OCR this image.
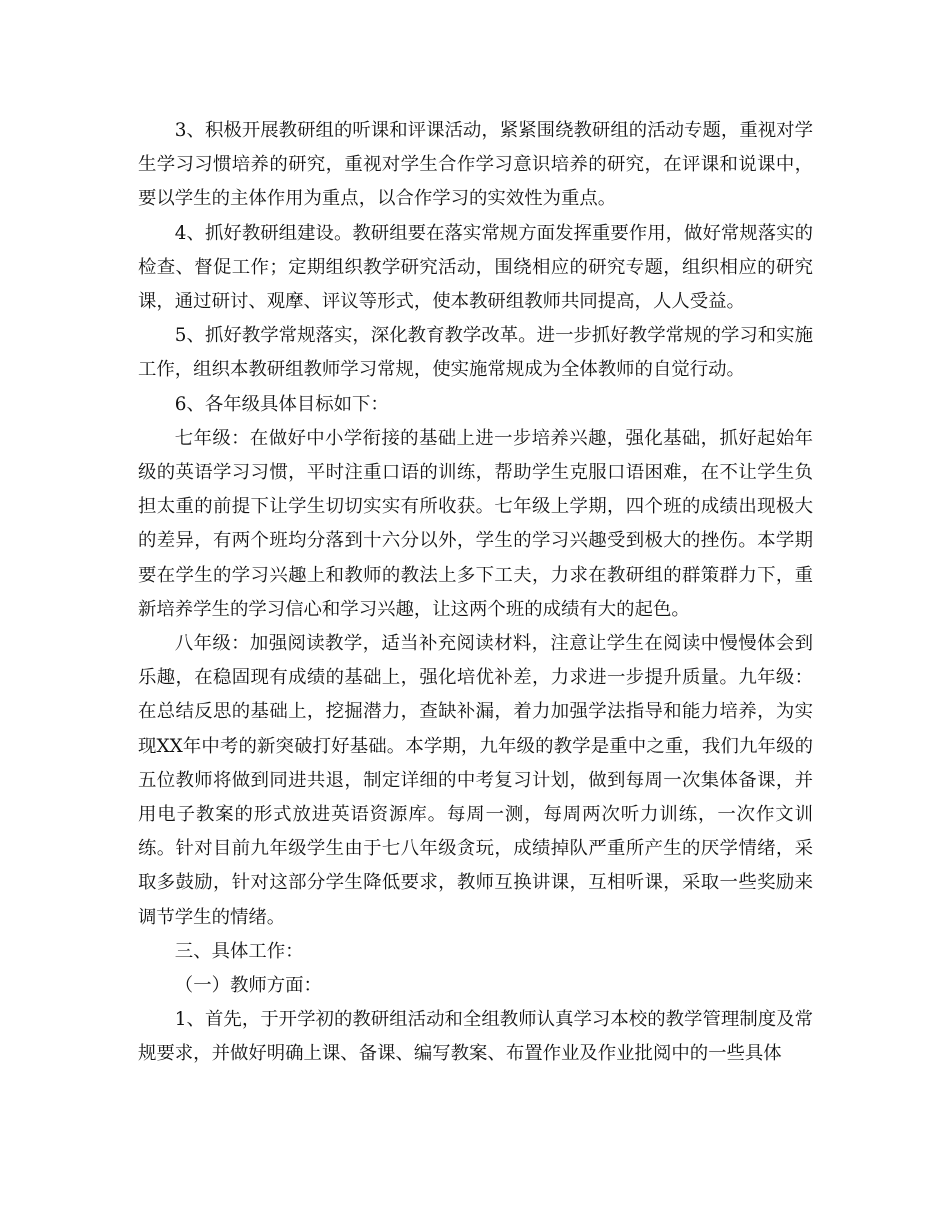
3、积极开展教研组的听课和评课活动，紧紧围绕教研组的活动专题，重视对学生学习习惯培养的研究，重视对学生合作学习意识培养的研究，在评课和说课中，要以学生的主体作用为重点，以合作学习的实效性为重点。

4、抓好教研组建设。教研组要在落实常规方面发挥重要作用，做好常规落实的检查、督促工作；定期组织教学研究活动，围绕相应的研究专题，组织相应的研究课，通过研讨、观摩、评议等形式，使本教研组教师共同提高，人人受益。

5、抓好教学常规落实，深化教育教学改革。进一步抓好教学常规的学习和实施工作，组织本教研组教师学习常规，使实施常规成为全体教师的自觉行动。

6、各年级具体目标如下：

七年级：在做好中小学衔接的基础上进一步培养兴趣，强化基础，抓好起始年级的英语学习习惯，平时注重口语的训练，帮助学生克服口语困难，在不让学生负担太重的前提下让学生切切实实有所收获。七年级上学期，四个班的成绩出现极大的差异，有两个班均分落到十六分以外，学生的学习兴趣受到极大的挫伤。本学期要在学生的学习兴趣上和教师的教法上多下工夫，力求在教研组的群策群力下，重新培养学生的学习信心和学习兴趣，让这两个班的成绩有大的起色。

八年级：加强阅读教学，适当补充阅读材料，注意让学生在阅读中慢慢体会到乐趣，在稳固现有成绩的基础上，强化培优补差，力求进一步提升质量。九年级：在总结反思的基础上，挖掘潜力，查缺补漏，着力加强学法指导和能力培养，为实现XX年中考的新突破打好基础。本学期，九年级的教学是重中之重，我们九年级的五位教师将做到同进共退，制定详细的中考复习计划，做到每周一次集体备课，并用电子教案的形式放进英语资源库。每周一测，每周两次听力训练，一次作文训练。针对目前九年级学生由于七八年级贪玩，成绩掉队严重所产生的厌学情绪，采取多鼓励，针对这部分学生降低要求，教师互换讲课，互相听课，采取一些奖励来调节学生的情绪。

三、具体工作：

（一）教师方面：

1、首先，于开学初的教研组活动和全组教师认真学习本校的教学管理制度及常规要求，并做好明确上课、备课、编写教案、布置作业及作业批阅中的一些具体
